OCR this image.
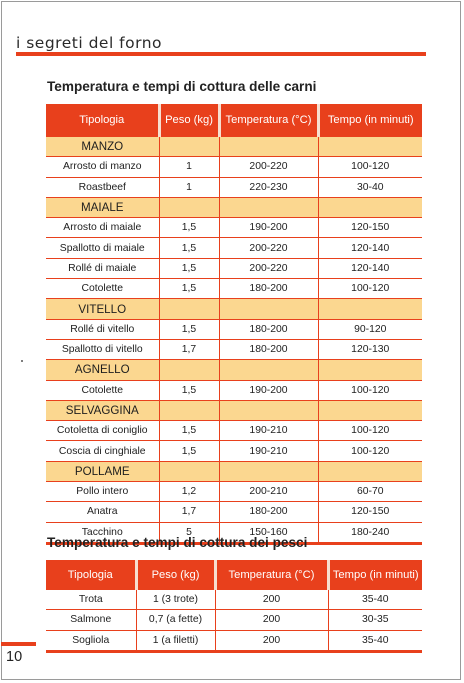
i segreti del forno
Temperatura e tempi di cottura delle carni
Tipologia	Peso (kg)	Temperatura (°C)	Tempo (in minuti)
MANZO			
Arrosto di manzo	1	200-220	100-120
Roastbeef	1	220-230	30-40
MAIALE			
Arrosto di maiale	1,5	190-200	120-150
Spallotto di maiale	1,5	200-220	120-140
Rollé di maiale	1,5	200-220	120-140
Cotolette	1,5	180-200	100-120
VITELLO			
Rollé di vitello	1,5	180-200	90-120
Spallotto di vitello	1,7	180-200	120-130
AGNELLO			
Cotolette	1,5	190-200	100-120
SELVAGGINA			
Cotoletta di coniglio	1,5	190-210	100-120
Coscia di cinghiale	1,5	190-210	100-120
POLLAME			
Pollo intero	1,2	200-210	60-70
Anatra	1,7	180-200	120-150
Tacchino	5	150-160	180-240
Temperatura e tempi di cottura dei pesci
Tipologia	Peso (kg)	Temperatura (°C)	Tempo (in minuti)
Trota	1 (3 trote)	200	35-40
Salmone	0,7 (a fette)	200	30-35
Sogliola	1 (a filetti)	200	35-40
10
